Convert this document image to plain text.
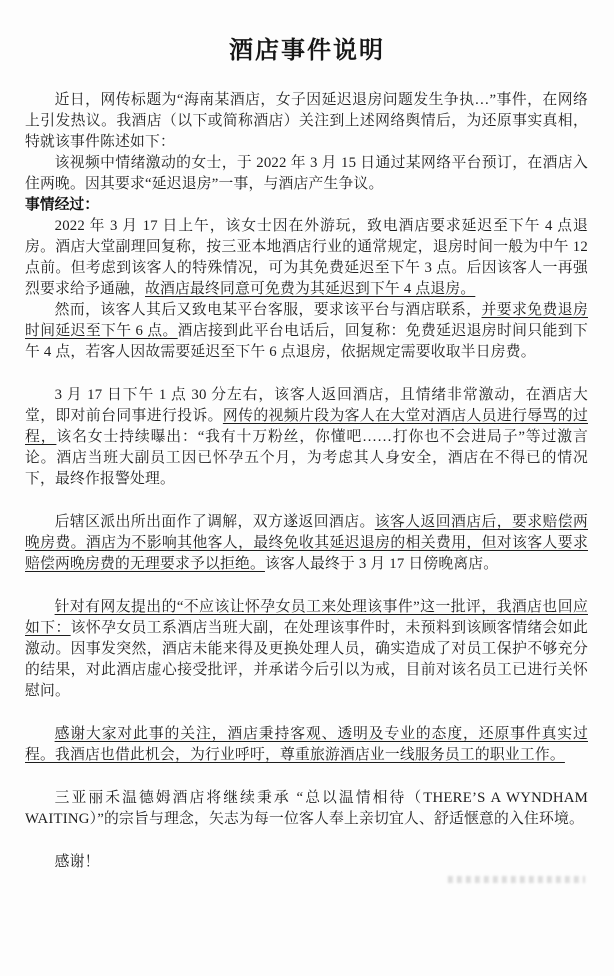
酒店事件说明

近日，网传标题为“海南某酒店，女子因延迟退房问题发生争执…”事件，在网络上引发热议。我酒店（以下或简称酒店）关注到上述网络舆情后，为还原事实真相，特就该事件陈述如下：

该视频中情绪激动的女士，于 2022 年 3 月 15 日通过某网络平台预订，在酒店入住两晚。因其要求“延迟退房”一事，与酒店产生争议。

事情经过：

2022 年 3 月 17 日上午，该女士因在外游玩，致电酒店要求延迟至下午 4 点退房。酒店大堂副理回复称，按三亚本地酒店行业的通常规定，退房时间一般为中午 12 点前。但考虑到该客人的特殊情况，可为其免费延迟至下午 3 点。后因该客人一再强烈要求给予通融，故酒店最终同意可免费为其延迟到下午 4 点退房。

然而，该客人其后又致电某平台客服，要求该平台与酒店联系，并要求免费退房时间延迟至下午 6 点。酒店接到此平台电话后，回复称：免费延迟退房时间只能到下午 4 点，若客人因故需要延迟至下午 6 点退房，依据规定需要收取半日房费。

3 月 17 日下午 1 点 30 分左右，该客人返回酒店，且情绪非常激动，在酒店大堂，即对前台同事进行投诉。网传的视频片段为客人在大堂对酒店人员进行辱骂的过程，该名女士持续曝出：“我有十万粉丝，你懂吧……打你也不会进局子”等过激言论。酒店当班大副员工因已怀孕五个月，为考虑其人身安全，酒店在不得已的情况下，最终作报警处理。

后辖区派出所出面作了调解，双方遂返回酒店。该客人返回酒店后，要求赔偿两晚房费。酒店为不影响其他客人，最终免收其延迟退房的相关费用，但对该客人要求赔偿两晚房费的无理要求予以拒绝。该客人最终于 3 月 17 日傍晚离店。

针对有网友提出的“不应该让怀孕女员工来处理该事件”这一批评，我酒店也回应如下：该怀孕女员工系酒店当班大副，在处理该事件时，未预料到该顾客情绪会如此激动。因事发突然，酒店未能来得及更换处理人员，确实造成了对员工保护不够充分的结果，对此酒店虚心接受批评，并承诺今后引以为戒，目前对该名员工已进行关怀慰问。

感谢大家对此事的关注，酒店秉持客观、透明及专业的态度，还原事件真实过程。我酒店也借此机会，为行业呼吁，尊重旅游酒店业一线服务员工的职业工作。

三亚丽禾温德姆酒店将继续秉承 “总以温情相待（THERE’S A WYNDHAM WAITING）”的宗旨与理念，矢志为每一位客人奉上亲切宜人、舒适惬意的入住环境。

感谢！
